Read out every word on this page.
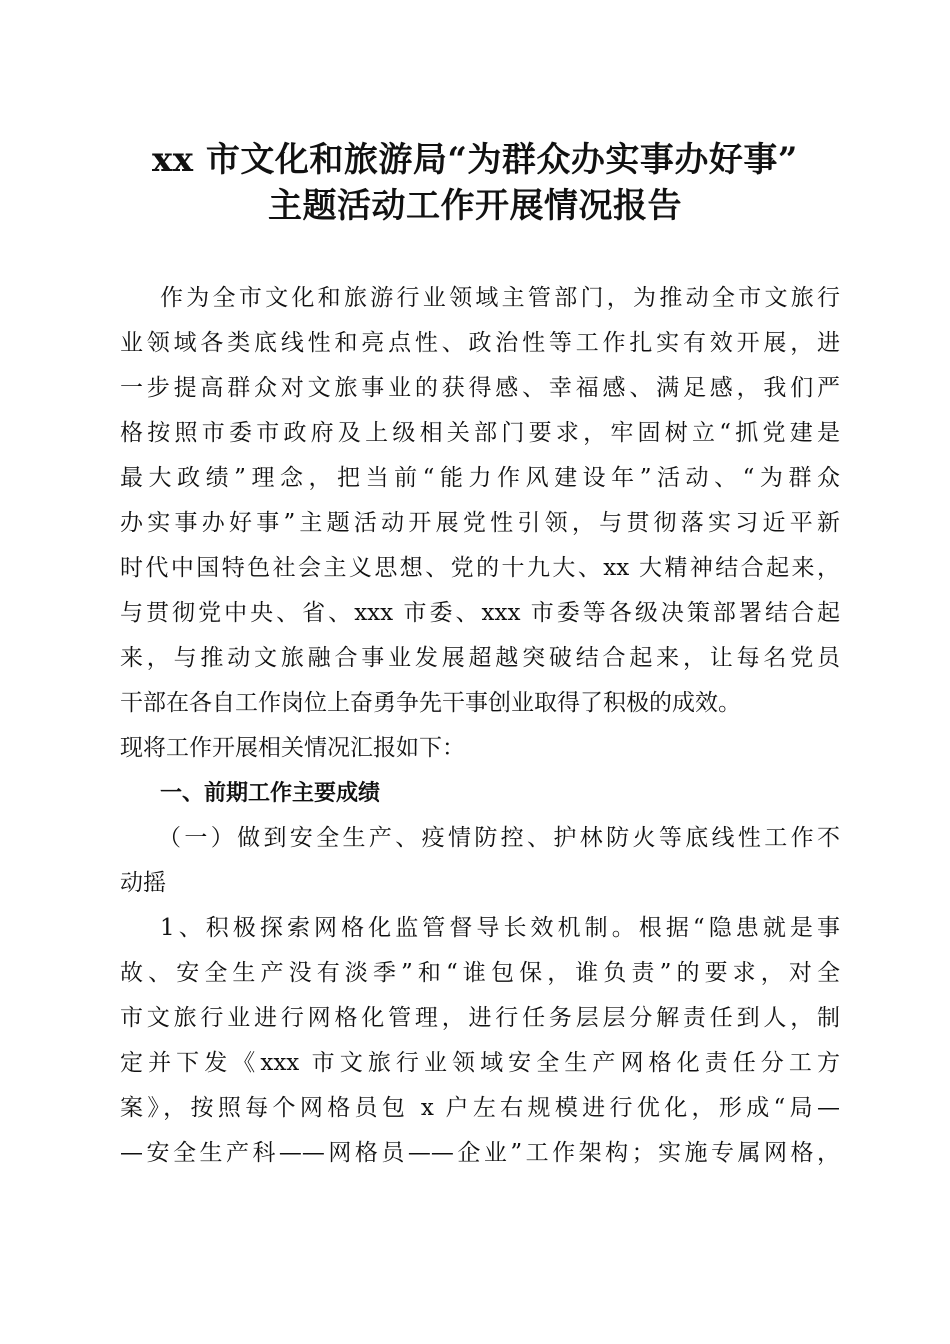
xx 市文化和旅游局“为群众办实事办好事”
主题活动工作开展情况报告
作为全市文化和旅游行业领域主管部门，为推动全市文旅行
业领域各类底线性和亮点性、政治性等工作扎实有效开展，进
一步提高群众对文旅事业的获得感、幸福感、满足感，我们严
格按照市委市政府及上级相关部门要求，牢固树立“抓党建是
最大政绩”理念，把当前“能力作风建设年”活动、“为群众
办实事办好事”主题活动开展党性引领，与贯彻落实习近平新
时代中国特色社会主义思想、党的十九大、xx 大精神结合起来，
与贯彻党中央、省、xxx 市委、xxx 市委等各级决策部署结合起
来，与推动文旅融合事业发展超越突破结合起来，让每名党员
干部在各自工作岗位上奋勇争先干事创业取得了积极的成效。
现将工作开展相关情况汇报如下：
一、前期工作主要成绩
（一）做到安全生产、疫情防控、护林防火等底线性工作不
动摇
1、积极探索网格化监管督导长效机制。根据“隐患就是事
故、安全生产没有淡季”和“谁包保，谁负责”的要求，对全
市文旅行业进行网格化管理，进行任务层层分解责任到人，制
定并下发《xxx 市文旅行业领域安全生产网格化责任分工方
案》，按照每个网格员包 x 户左右规模进行优化，形成“局—
—安全生产科——网格员——企业”工作架构；实施专属网格，
